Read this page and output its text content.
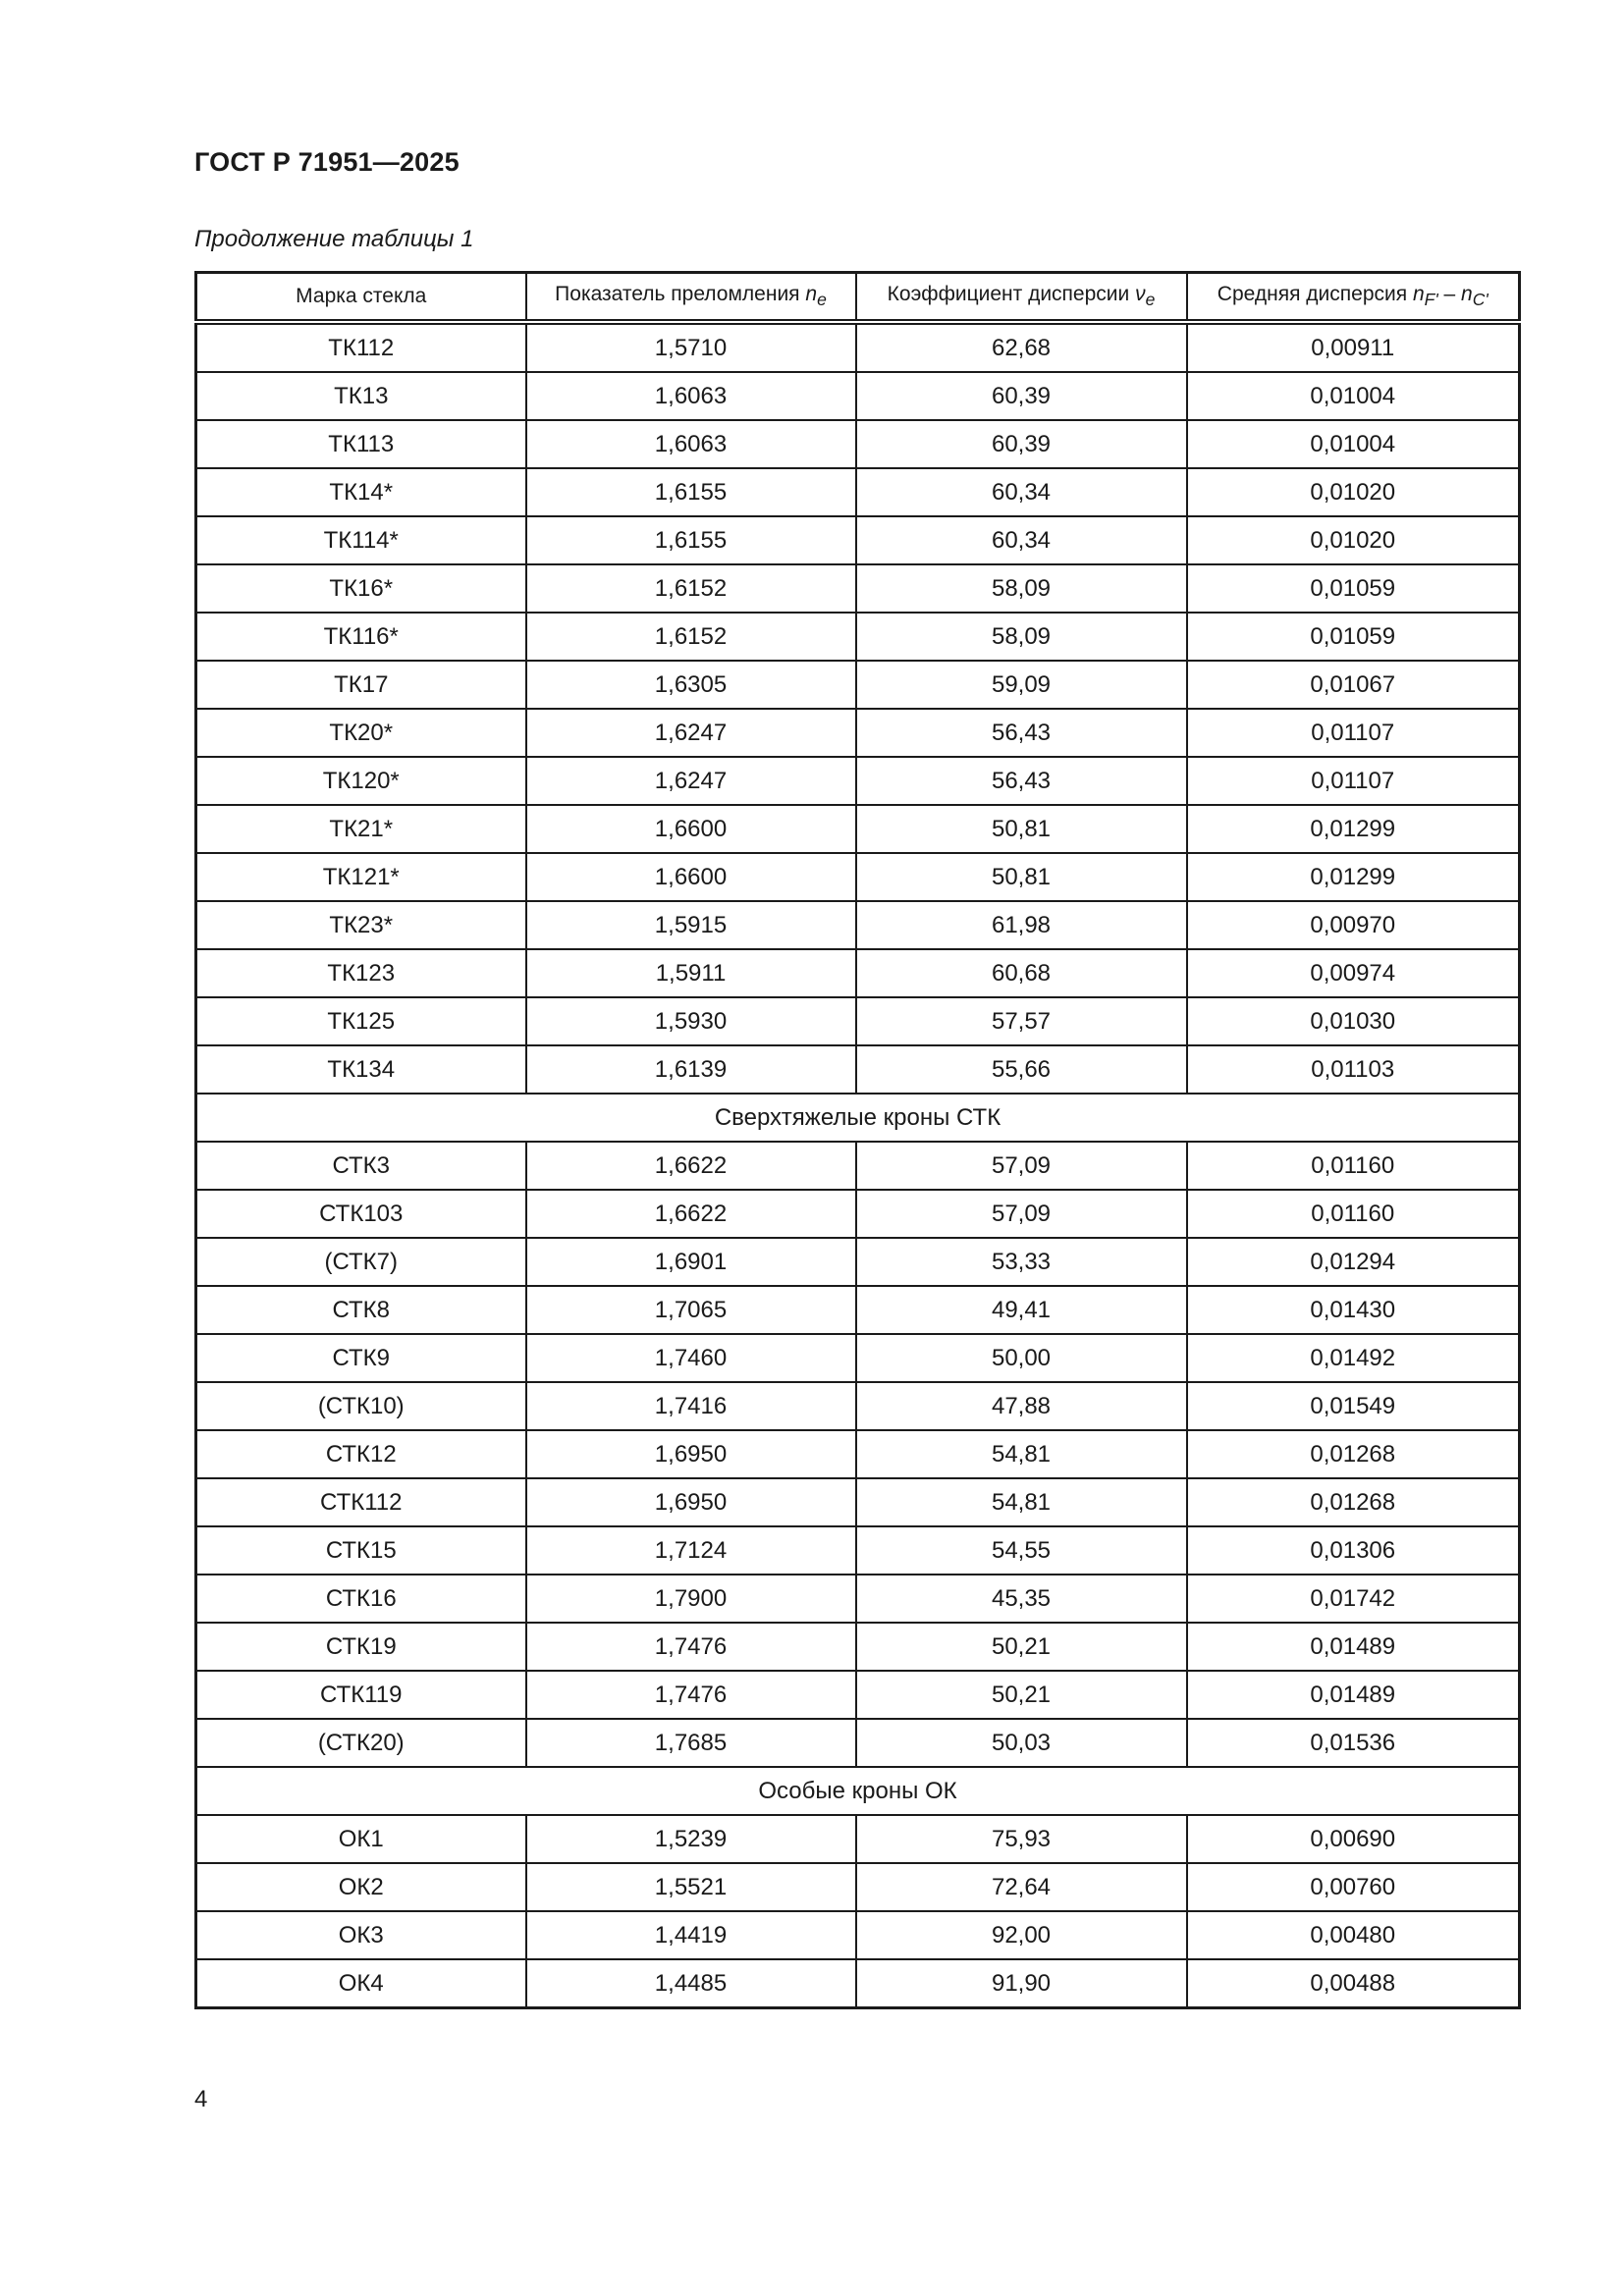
ГОСТ Р 71951—2025
Продолжение таблицы 1
Марка стекла	Показатель преломления $n_e$	Коэффициент дисперсии $\nu_e$	Средняя дисперсия $n_{F'} - n_{C'}$
ТК112	1,5710	62,68	0,00911
ТК13	1,6063	60,39	0,01004
ТК113	1,6063	60,39	0,01004
ТК14*	1,6155	60,34	0,01020
ТК114*	1,6155	60,34	0,01020
ТК16*	1,6152	58,09	0,01059
ТК116*	1,6152	58,09	0,01059
ТК17	1,6305	59,09	0,01067
ТК20*	1,6247	56,43	0,01107
ТК120*	1,6247	56,43	0,01107
ТК21*	1,6600	50,81	0,01299
ТК121*	1,6600	50,81	0,01299
ТК23*	1,5915	61,98	0,00970
ТК123	1,5911	60,68	0,00974
ТК125	1,5930	57,57	0,01030
ТК134	1,6139	55,66	0,01103
Сверхтяжелые кроны СТК			
СТК3	1,6622	57,09	0,01160
СТК103	1,6622	57,09	0,01160
(СТК7)	1,6901	53,33	0,01294
СТК8	1,7065	49,41	0,01430
СТК9	1,7460	50,00	0,01492
(СТК10)	1,7416	47,88	0,01549
СТК12	1,6950	54,81	0,01268
СТК112	1,6950	54,81	0,01268
СТК15	1,7124	54,55	0,01306
СТК16	1,7900	45,35	0,01742
СТК19	1,7476	50,21	0,01489
СТК119	1,7476	50,21	0,01489
(СТК20)	1,7685	50,03	0,01536
Особые кроны ОК			
ОК1	1,5239	75,93	0,00690
ОК2	1,5521	72,64	0,00760
ОК3	1,4419	92,00	0,00480
ОК4	1,4485	91,90	0,00488
4
